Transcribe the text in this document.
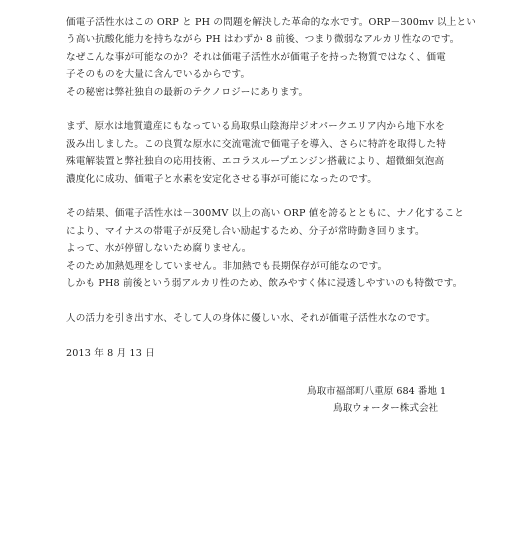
価電子活性水はこの ORP と PH の問題を解決した革命的な水です。ORP－300mv 以上とい
う高い抗酸化能力を持ちながら PH はわずか 8 前後、つまり微弱なアルカリ性なのです。
なぜこんな事が可能なのか？それは価電子活性水が価電子を持った物質ではなく、価電
子そのものを大量に含んでいるからです。
その秘密は弊社独自の最新のテクノロジーにあります。

まず、原水は地質遺産にもなっている鳥取県山陰海岸ジオパークエリア内から地下水を
汲み出しました。この良質な原水に交流電流で価電子を導入、さらに特許を取得した特
殊電解装置と弊社独自の応用技術、エコラスループエンジン搭載により、超微細気泡高
濃度化に成功、価電子と水素を安定化させる事が可能になったのです。

その結果、価電子活性水は－300MV 以上の高い ORP 値を誇るとともに、ナノ化すること
により、マイナスの帯電子が反発し合い励起するため、分子が常時動き回ります。
よって、水が停留しないため腐りません。
そのため加熱処理をしていません。非加熱でも長期保存が可能なのです。
しかも PH8 前後という弱アルカリ性のため、飲みやすく体に浸透しやすいのも特徴です。

人の活力を引き出す水、そして人の身体に優しい水、それが価電子活性水なのです。

2013 年 8 月 13 日

鳥取市福部町八重原 684 番地 1
鳥取ウォーター株式会社
